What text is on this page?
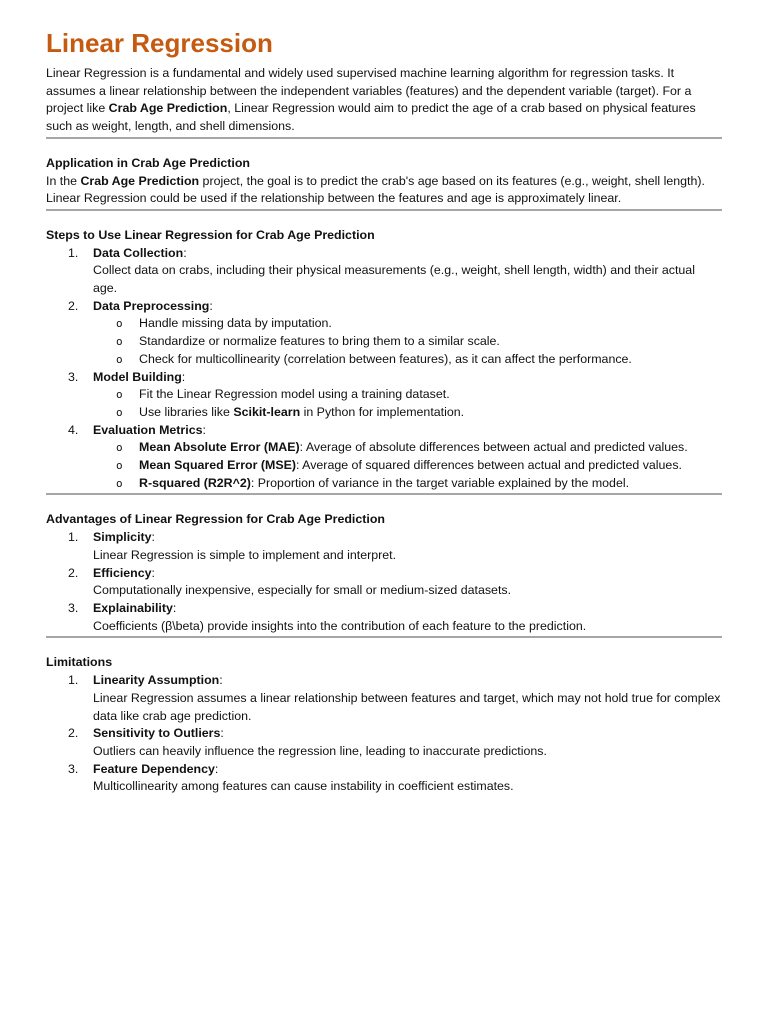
Linear Regression

Linear Regression is a fundamental and widely used supervised machine learning algorithm for regression tasks. It assumes a linear relationship between the independent variables (features) and the dependent variable (target). For a project like Crab Age Prediction, Linear Regression would aim to predict the age of a crab based on physical features such as weight, length, and shell dimensions.

Application in Crab Age Prediction

In the Crab Age Prediction project, the goal is to predict the crab's age based on its features (e.g., weight, shell length). Linear Regression could be used if the relationship between the features and age is approximately linear.

Steps to Use Linear Regression for Crab Age Prediction
1.	Data Collection:
Collect data on crabs, including their physical measurements (e.g., weight, shell length, width) and their actual age.
2.	Data Preprocessing:
o Handle missing data by imputation.
o Standardize or normalize features to bring them to a similar scale.
o Check for multicollinearity (correlation between features), as it can affect the performance.
3.	Model Building:
o Fit the Linear Regression model using a training dataset.
o Use libraries like Scikit-learn in Python for implementation.
4.	Evaluation Metrics:
o Mean Absolute Error (MAE): Average of absolute differences between actual and predicted values.
o Mean Squared Error (MSE): Average of squared differences between actual and predicted values.
o R-squared (R2R^2): Proportion of variance in the target variable explained by the model.
Advantages of Linear Regression for Crab Age Prediction
1.	Simplicity:
Linear Regression is simple to implement and interpret.
2.	Efficiency:
Computationally inexpensive, especially for small or medium-sized datasets.
3.	Explainability:
Coefficients (β\beta) provide insights into the contribution of each feature to the prediction.
Limitations
1.	Linearity Assumption:
Linear Regression assumes a linear relationship between features and target, which may not hold true for complex data like crab age prediction.
2.	Sensitivity to Outliers:
Outliers can heavily influence the regression line, leading to inaccurate predictions.
3.	Feature Dependency:
Multicollinearity among features can cause instability in coefficient estimates.
